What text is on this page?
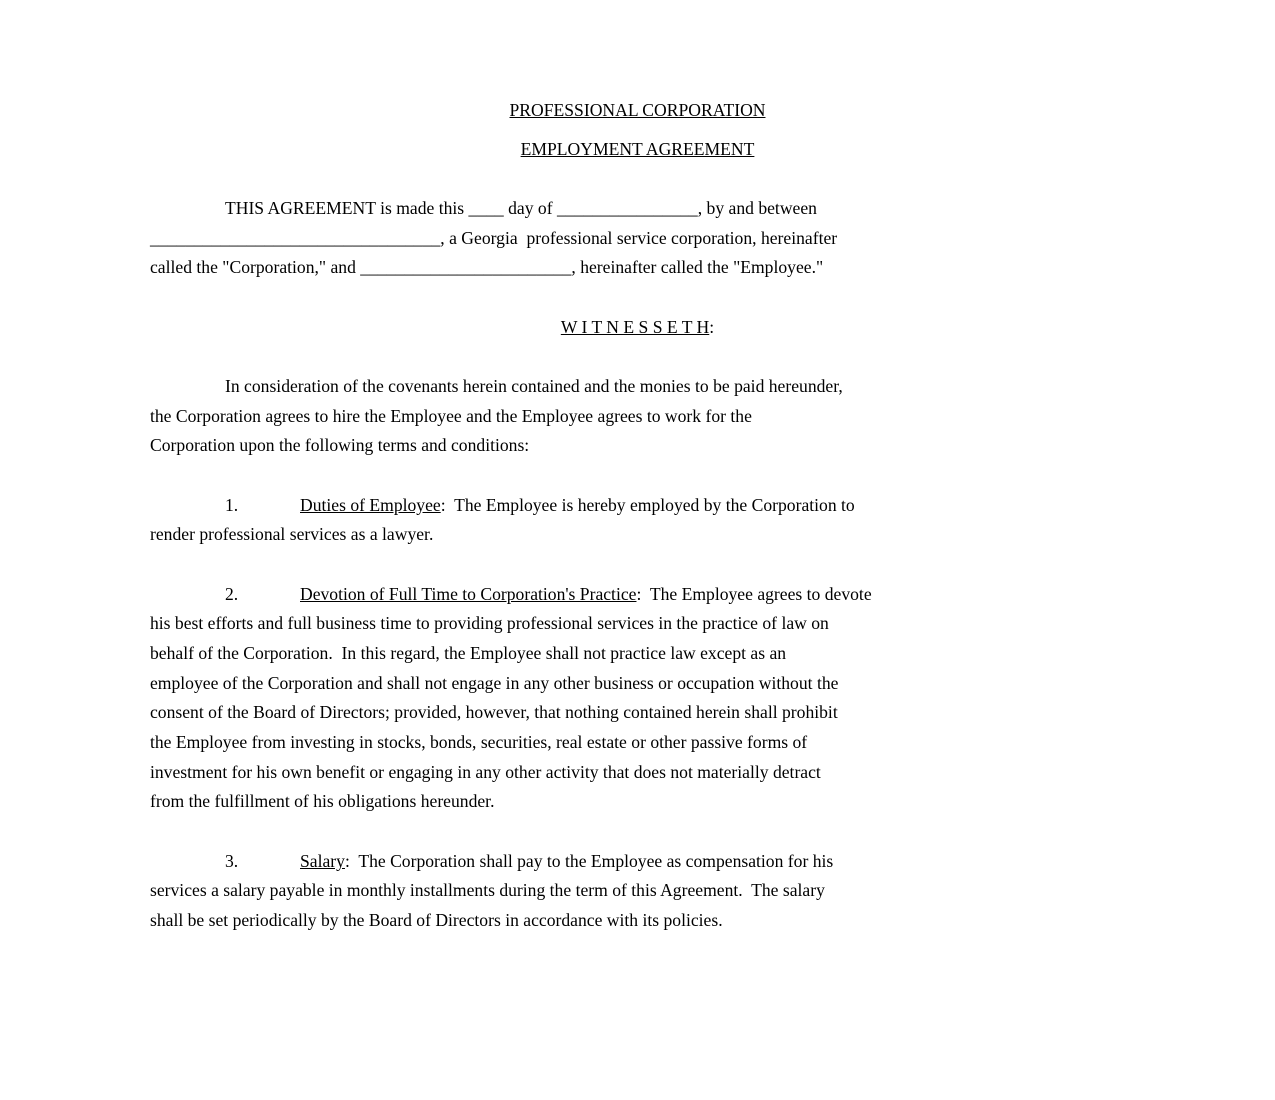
PROFESSIONAL CORPORATION
EMPLOYMENT AGREEMENT
THIS AGREEMENT is made this ____ day of ________________, by and between
_________________________________, a Georgia  professional service corporation, hereinafter
called the "Corporation," and ________________________, hereinafter called the "Employee."
W I T N E S S E T H:
In consideration of the covenants herein contained and the monies to be paid hereunder,
the Corporation agrees to hire the Employee and the Employee agrees to work for the
Corporation upon the following terms and conditions:
1.	Duties of Employee:  The Employee is hereby employed by the Corporation to
render professional services as a lawyer.
2.	Devotion of Full Time to Corporation's Practice:  The Employee agrees to devote
his best efforts and full business time to providing professional services in the practice of law on
behalf of the Corporation.  In this regard, the Employee shall not practice law except as an
employee of the Corporation and shall not engage in any other business or occupation without the
consent of the Board of Directors; provided, however, that nothing contained herein shall prohibit
the Employee from investing in stocks, bonds, securities, real estate or other passive forms of
investment for his own benefit or engaging in any other activity that does not materially detract
from the fulfillment of his obligations hereunder.
3.	Salary:  The Corporation shall pay to the Employee as compensation for his
services a salary payable in monthly installments during the term of this Agreement.  The salary
shall be set periodically by the Board of Directors in accordance with its policies.
